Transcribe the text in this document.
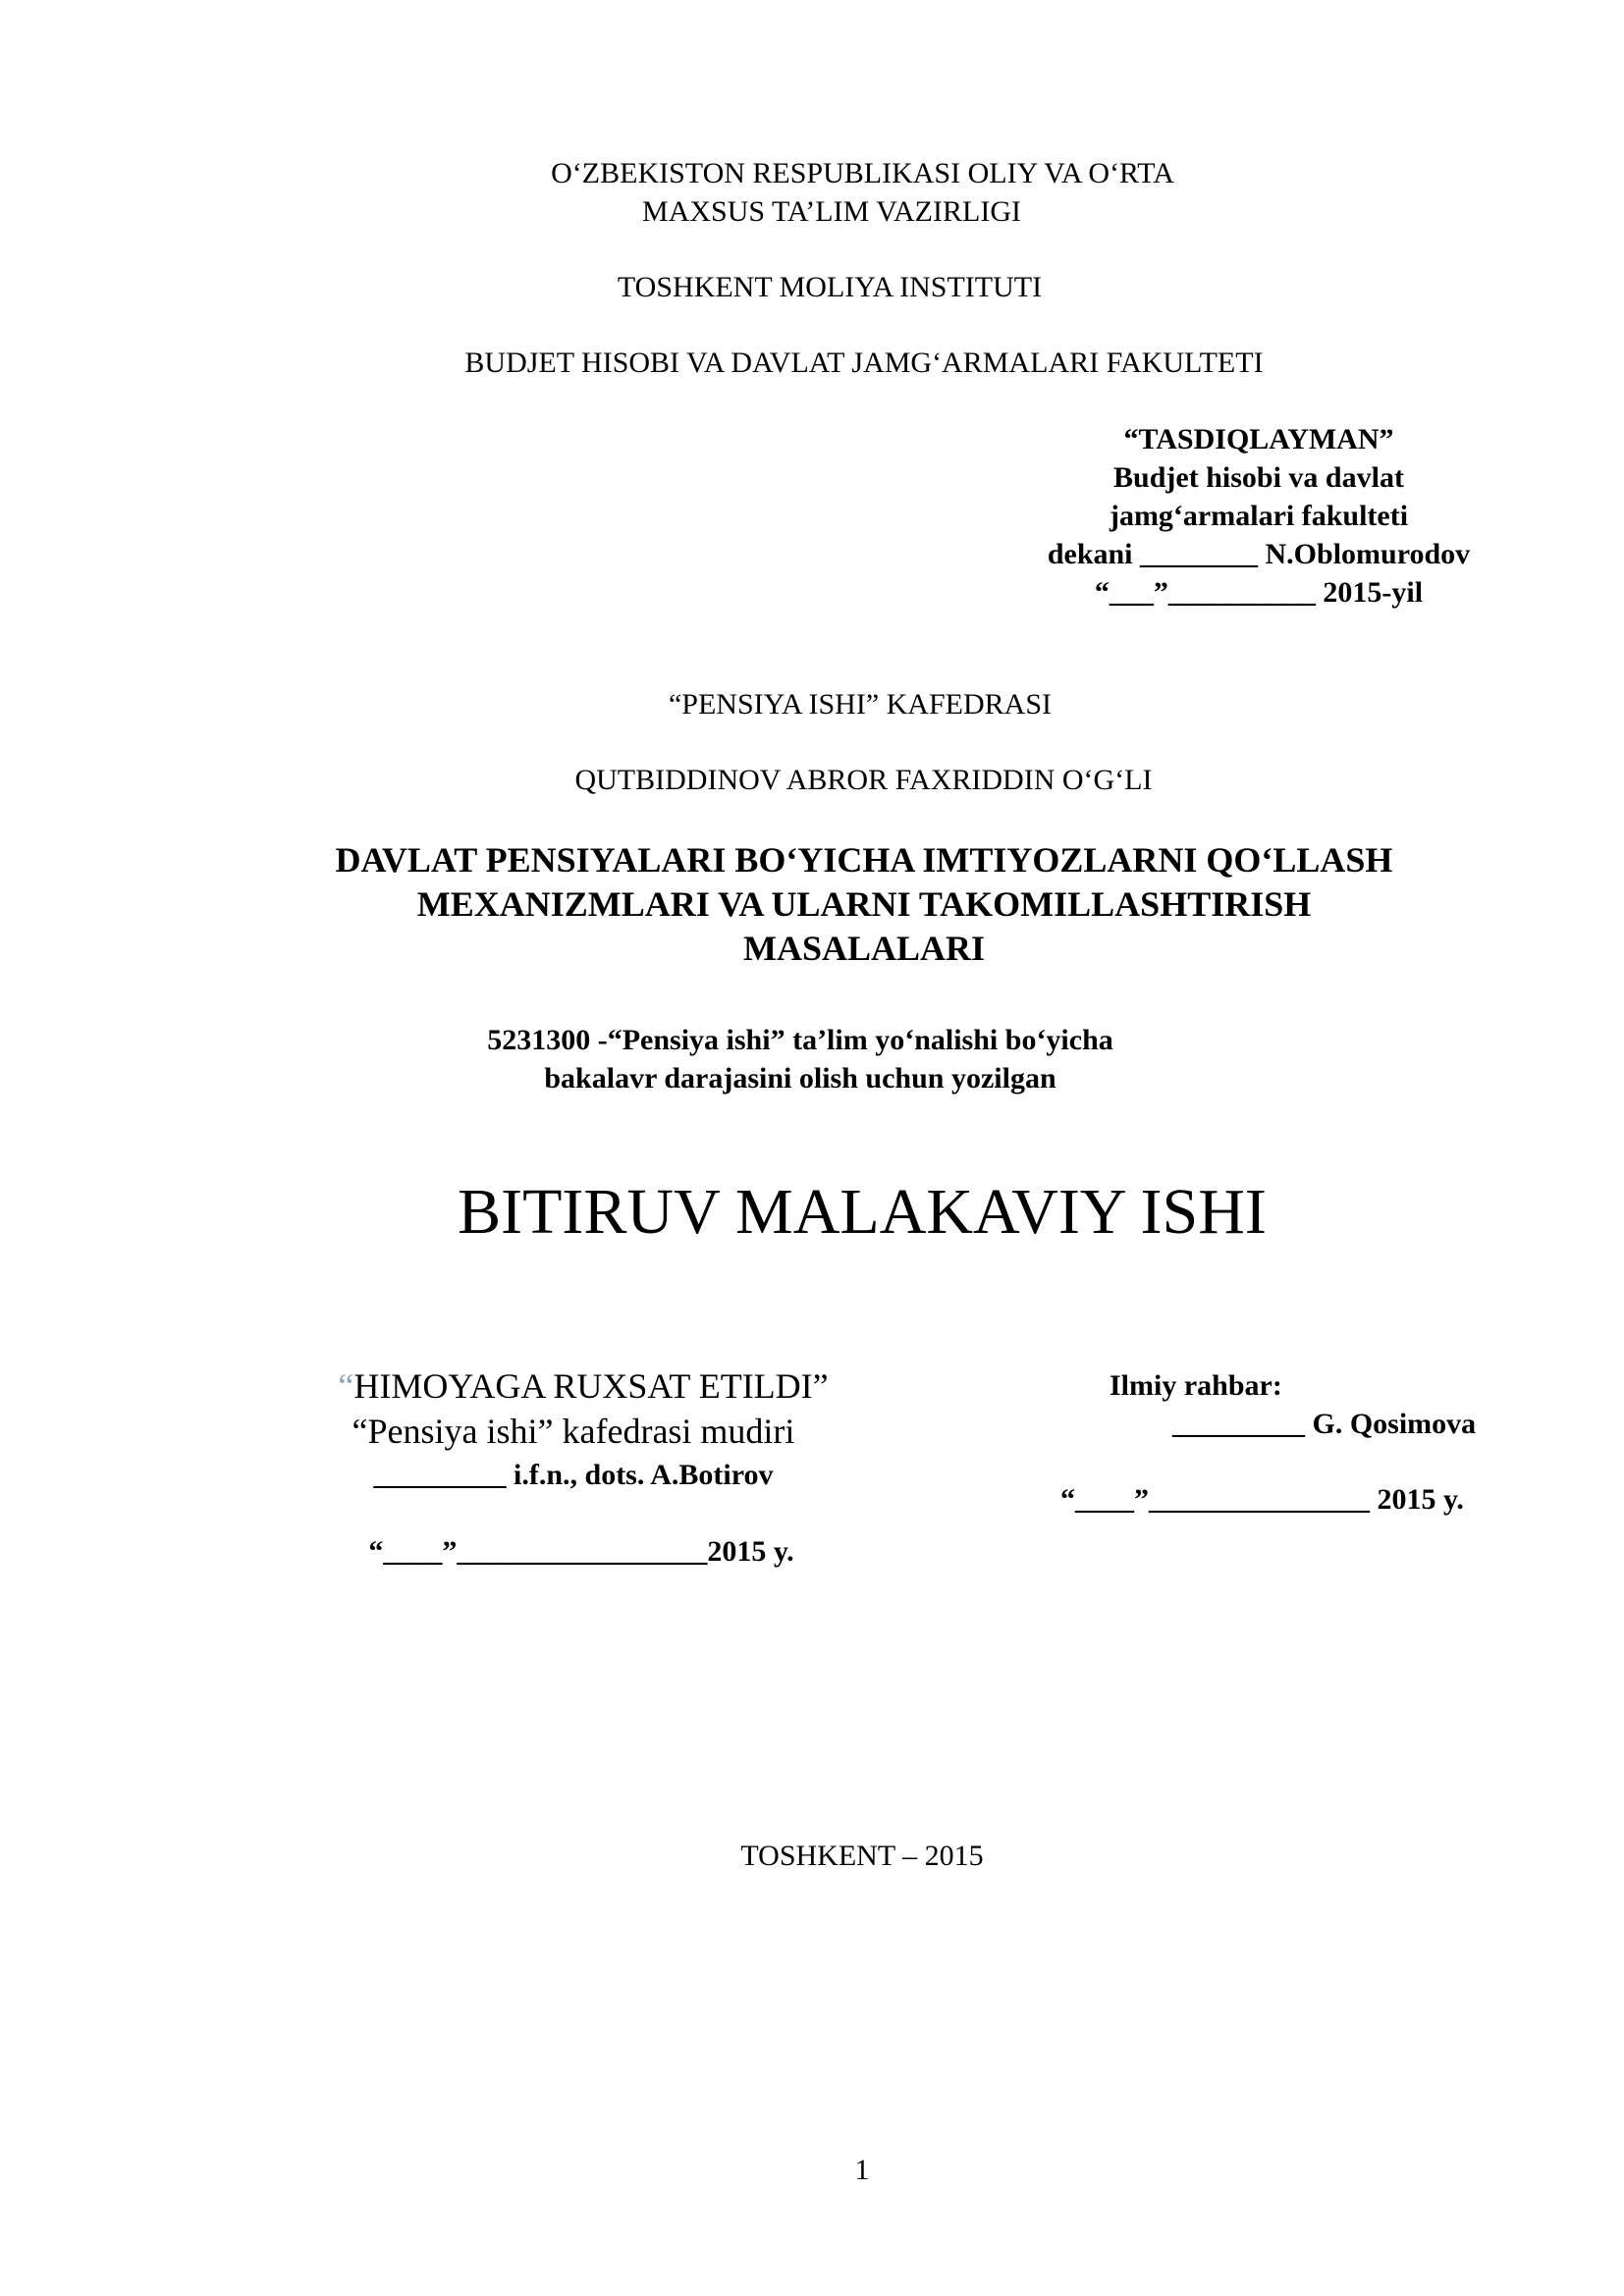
O‘ZBEKISTON RESPUBLIKASI OLIY VA O‘RTA
MAXSUS TA’LIM VAZIRLIGI
TOSHKENT MOLIYA INSTITUTI
BUDJET HISOBI VA DAVLAT JAMG‘ARMALARI FAKULTETI
“TASDIQLAYMAN”
Budjet hisobi va davlat
jamg‘armalari fakulteti
dekani ________ N.Oblomurodov
“___”__________ 2015-yil
“PENSIYA ISHI” KAFEDRASI
QUTBIDDINOV ABROR FAXRIDDIN O‘G‘LI
DAVLAT PENSIYALARI BO‘YICHA IMTIYOZLARNI QO‘LLASH
MEXANIZMLARI VA ULARNI TAKOMILLASHTIRISH
MASALALARI
5231300 -“Pensiya ishi” ta’lim yo‘nalishi bo‘yicha
bakalavr darajasini olish uchun yozilgan
BITIRUV MALAKAVIY ISHI
“HIMOYAGA RUXSAT ETILDI”
“Pensiya ishi” kafedrasi mudiri
_________ i.f.n., dots. A.Botirov
“____”_________________2015 y.
Ilmiy rahbar:
_________ G. Qosimova
“____”_______________ 2015 y.
TOSHKENT – 2015
1
